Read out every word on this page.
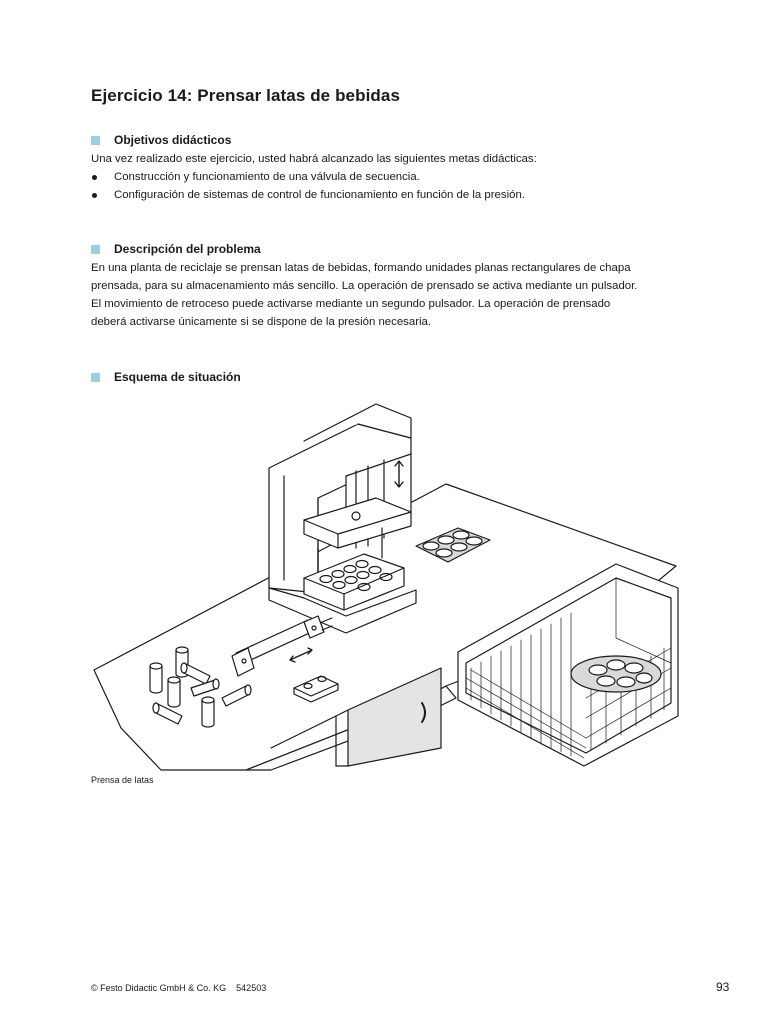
Ejercicio 14: Prensar latas de bebidas
Objetivos didácticos

Una vez realizado este ejercicio, usted habrá alcanzado las siguientes metas didácticas:

Construcción y funcionamiento de una válvula de secuencia.
Configuración de sistemas de control de funcionamiento en función de la presión.
Descripción del problema

En una planta de reciclaje se prensan latas de bebidas, formando unidades planas rectangulares de chapa

prensada, para su almacenamiento más sencillo. La operación de prensado se activa mediante un pulsador.

El movimiento de retroceso puede activarse mediante un segundo pulsador. La operación de prensado

deberá activarse únicamente si se dispone de la presión necesaria.

Esquema de situación

Prensa de latas

© Festo Didactic GmbH & Co. KG 542503	93
